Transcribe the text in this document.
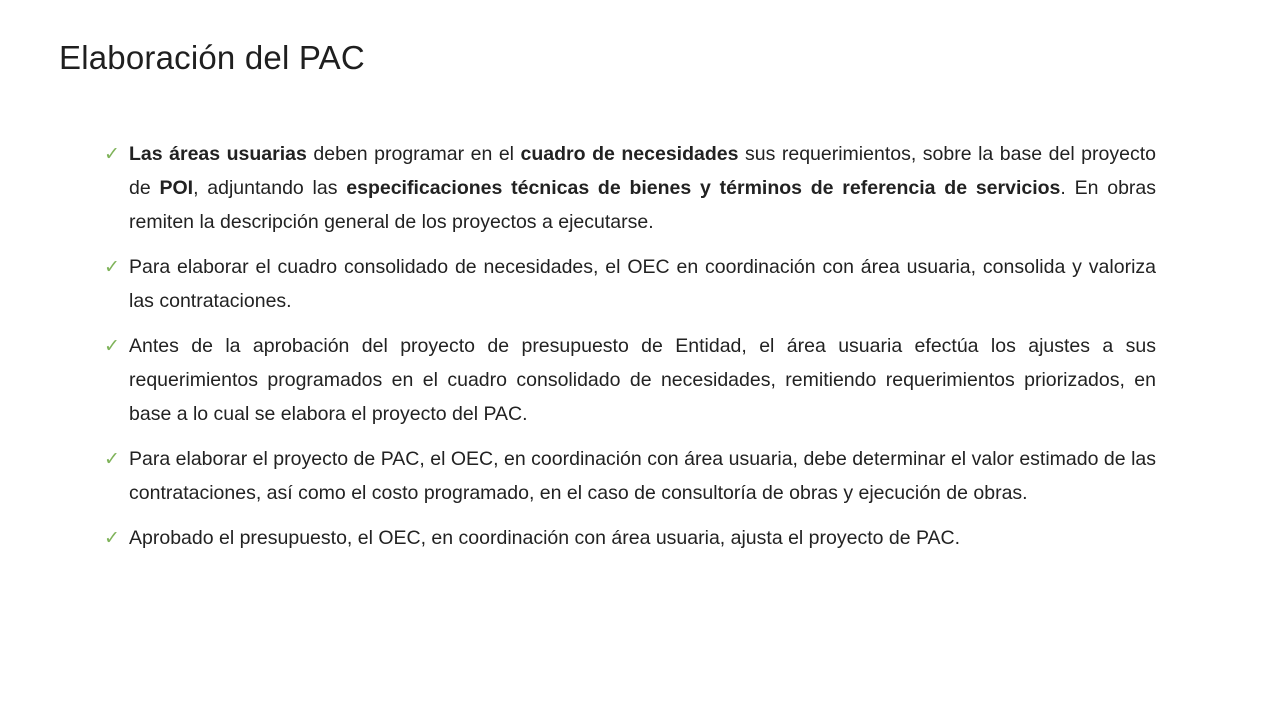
Elaboración del PAC
✓ Las áreas usuarias deben programar en el cuadro de necesidades sus requerimientos, sobre la base del proyecto de POI, adjuntando las especificaciones técnicas de bienes y términos de referencia de servicios. En obras remiten la descripción general de los proyectos a ejecutarse.
✓ Para elaborar el cuadro consolidado de necesidades, el OEC en coordinación con área usuaria, consolida y valoriza las contrataciones.
✓ Antes de la aprobación del proyecto de presupuesto de Entidad, el área usuaria efectúa los ajustes a sus requerimientos programados en el cuadro consolidado de necesidades, remitiendo requerimientos priorizados, en base a lo cual se elabora el proyecto del PAC.
✓ Para elaborar el proyecto de PAC, el OEC, en coordinación con área usuaria, debe determinar el valor estimado de las contrataciones, así como el costo programado, en el caso de consultoría de obras y ejecución de obras.
✓ Aprobado el presupuesto, el OEC, en coordinación con área usuaria, ajusta el proyecto de PAC.
